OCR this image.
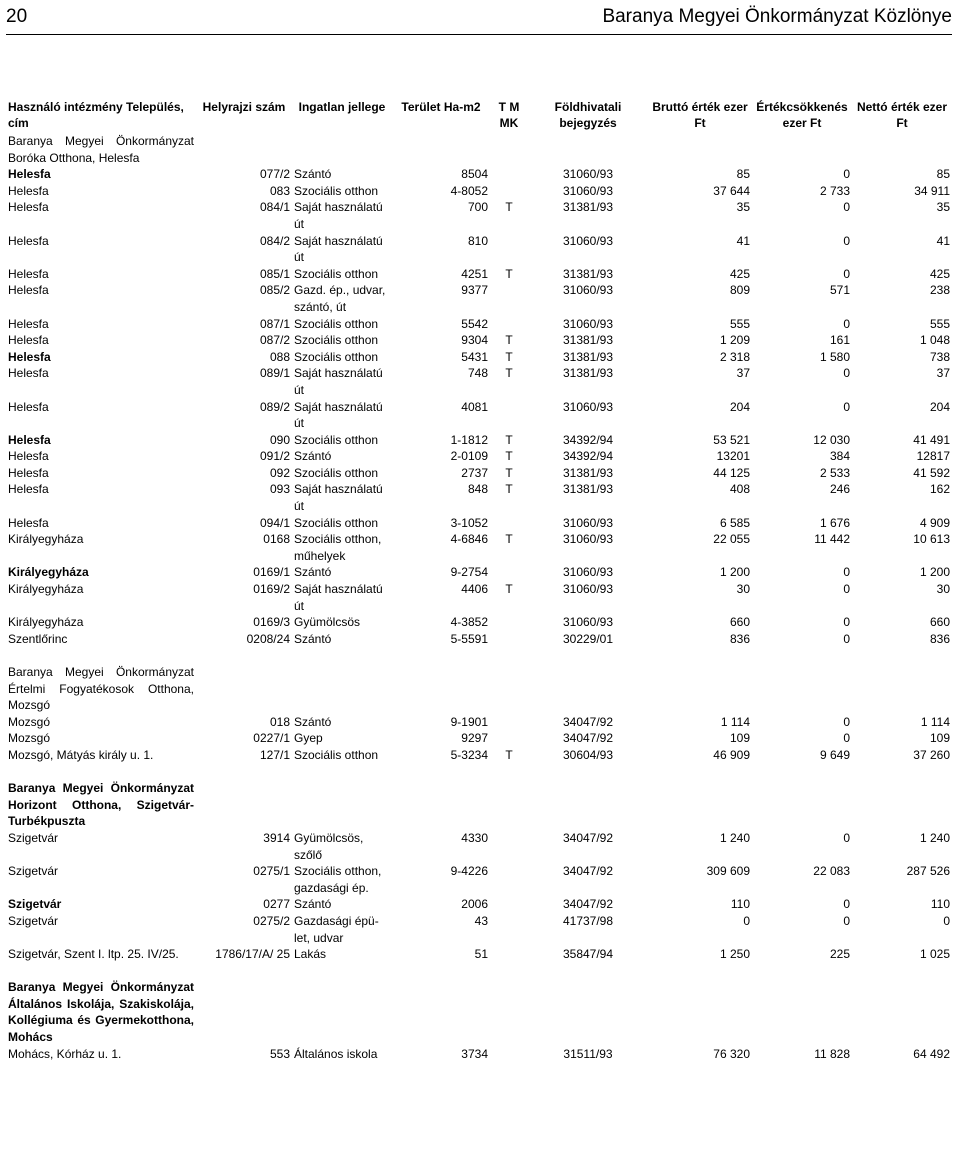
20	Baranya Megyei Önkormányzat Közlönye
Használó intézmény Település, cím	Helyrajzi szám	Ingatlan jellege	Terület Ha-m2	T M MK	Földhivatali bejegyzés	Bruttó érték ezer Ft	Értékcsökkenés ezer Ft	Nettó érték ezer Ft
Baranya Megyei Önkormányzat Boróka Otthona, Helesfa								
Helesfa	077/2	Szántó	8504		31060/93	85	0	85
Helesfa	083	Szociális otthon	4-8052		31060/93	37 644	2 733	34 911
Helesfa	084/1	Saját használatú út	700	T	31381/93	35	0	35
Helesfa	084/2	Saját használatú út	810		31060/93	41	0	41
Helesfa	085/1	Szociális otthon	4251	T	31381/93	425	0	425
Helesfa	085/2	Gazd. ép., udvar, szántó, út	9377		31060/93	809	571	238
Helesfa	087/1	Szociális otthon	5542		31060/93	555	0	555
Helesfa	087/2	Szociális otthon	9304	T	31381/93	1 209	161	1 048
Helesfa	088	Szociális otthon	5431	T	31381/93	2 318	1 580	738
Helesfa	089/1	Saját használatú út	748	T	31381/93	37	0	37
Helesfa	089/2	Saját használatú út	4081		31060/93	204	0	204
Helesfa	090	Szociális otthon	1-1812	T	34392/94	53 521	12 030	41 491
Helesfa	091/2	Szántó	2-0109	T	34392/94	13201	384	12817
Helesfa	092	Szociális otthon	2737	T	31381/93	44 125	2 533	41 592
Helesfa	093	Saját használatú út	848	T	31381/93	408	246	162
Helesfa	094/1	Szociális otthon	3-1052		31060/93	6 585	1 676	4 909
Királyegyháza	0168	Szociális otthon, műhelyek	4-6846	T	31060/93	22 055	11 442	10 613
Királyegyháza	0169/1	Szántó	9-2754		31060/93	1 200	0	1 200
Királyegyháza	0169/2	Saját használatú út	4406	T	31060/93	30	0	30
Királyegyháza	0169/3	Gyümölcsös	4-3852		31060/93	660	0	660
Szentlőrinc	0208/24	Szántó	5-5591		30229/01	836	0	836

Baranya Megyei Önkormányzat Értelmi Fogyatékosok Otthona, Mozsgó								
Mozsgó	018	Szántó	9-1901		34047/92	1 114	0	1 114
Mozsgó	0227/1	Gyep	9297		34047/92	109	0	109
Mozsgó, Mátyás király u. 1.	127/1	Szociális otthon	5-3234	T	30604/93	46 909	9 649	37 260

Baranya Megyei Önkormányzat Horizont Otthona, Szigetvár-Turbékpuszta								
Szigetvár	3914	Gyümölcsös, szőlő	4330		34047/92	1 240	0	1 240
Szigetvár	0275/1	Szociális otthon, gazdasági ép.	9-4226		34047/92	309 609	22 083	287 526
Szigetvár	0277	Szántó	2006		34047/92	110	0	110
Szigetvár	0275/2	Gazdasági épület, udvar	43		41737/98	0	0	0
Szigetvár, Szent I. ltp. 25. IV/25.	1786/17/A/ 25	Lakás	51		35847/94	1 250	225	1 025

Baranya Megyei Önkormányzat Általános Iskolája, Szakiskolája, Kollégiuma és Gyermekotthona, Mohács								
Mohács, Kórház u. 1.	553	Általános iskola	3734		31511/93	76 320	11 828	64 492
